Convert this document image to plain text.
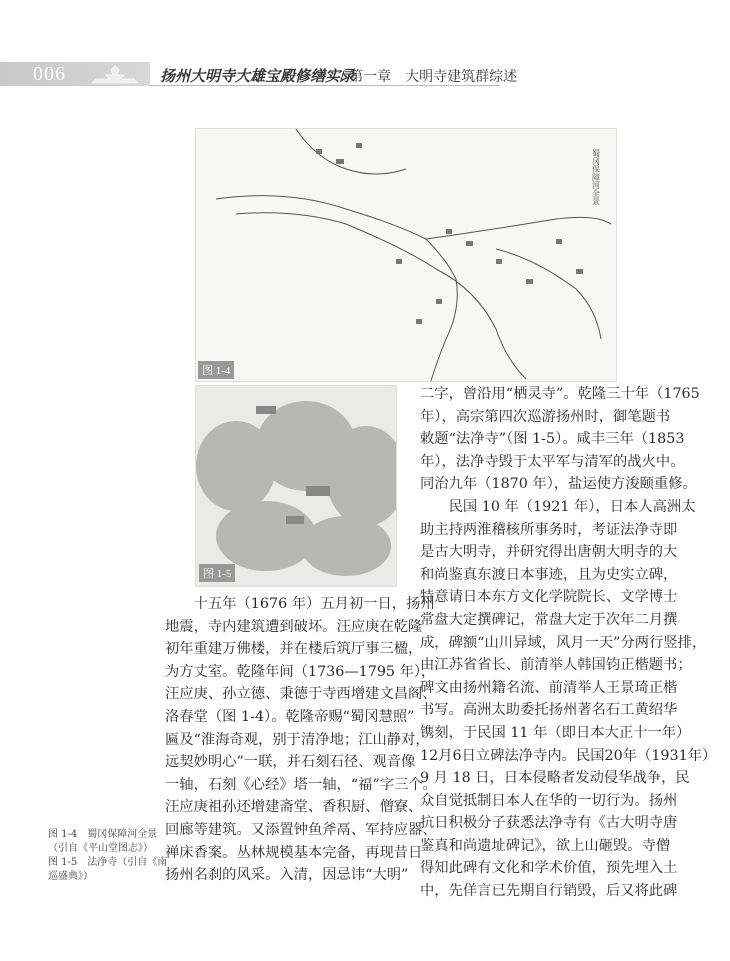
006	扬州大明寺大雄宝殿修缮实录
/ 第一章　大明寺建筑群综述
蜀冈保障河全景
图 1-4
图 1-5
　　十五年（1676 年）五月初一日，扬州
地震，寺内建筑遭到破坏。汪应庚在乾隆
初年重建万佛楼，并在楼后筑厅事三楹，
为方丈室。乾隆年间（1736—1795 年），
汪应庚、孙立德、秉德于寺西增建文昌阁、
洛春堂（图 1-4）。乾隆帝赐“蜀冈慧照”
匾及“淮海奇观，别于清净地；江山静对，
远契妙明心”一联，并石刻石径、观音像
一轴，石刻《心经》塔一轴，“福”字三个。
汪应庚祖孙还增建斋堂、香积厨、僧寮、
回廊等建筑。又添置钟鱼斧鬲、军持应器、
禅床香案。丛林规模基本完备，再现昔日
扬州名刹的风采。入清，因忌讳“大明”
二字，曾沿用“栖灵寺”。乾隆三十年（1765
年），高宗第四次巡游扬州时，御笔题书
敕题“法净寺”（图 1-5）。咸丰三年（1853
年），法净寺毁于太平军与清军的战火中。
同治九年（1870 年），盐运使方浚颐重修。
　　民国 10 年（1921 年），日本人高洲太
助主持两淮稽核所事务时，考证法净寺即
是古大明寺，并研究得出唐朝大明寺的大
和尚鉴真东渡日本事迹，且为史实立碑，
特意请日本东方文化学院院长、文学博士
常盘大定撰碑记，常盘大定于次年二月撰
成，碑额“山川异域，风月一天”分两行竖排，
由江苏省省长、前清举人韩国钧正楷题书；
碑文由扬州籍名流、前清举人王景琦正楷
书写。高洲太助委托扬州著名石工黄绍华
镌刻，于民国 11 年（即日本大正十一年）
12月6日立碑法净寺内。民国20年（1931年）
9 月 18 日，日本侵略者发动侵华战争，民
众自觉抵制日本人在华的一切行为。扬州
抗日积极分子获悉法净寺有《古大明寺唐
鉴真和尚遗址碑记》，欲上山砸毁。寺僧
得知此碑有文化和学术价值，预先埋入土
中，先佯言已先期自行销毁，后又将此碑
图 1-4　蜀冈保障河全景
（引自《平山堂图志》）
图 1-5　法净寺（引自《南
巡盛典》）
